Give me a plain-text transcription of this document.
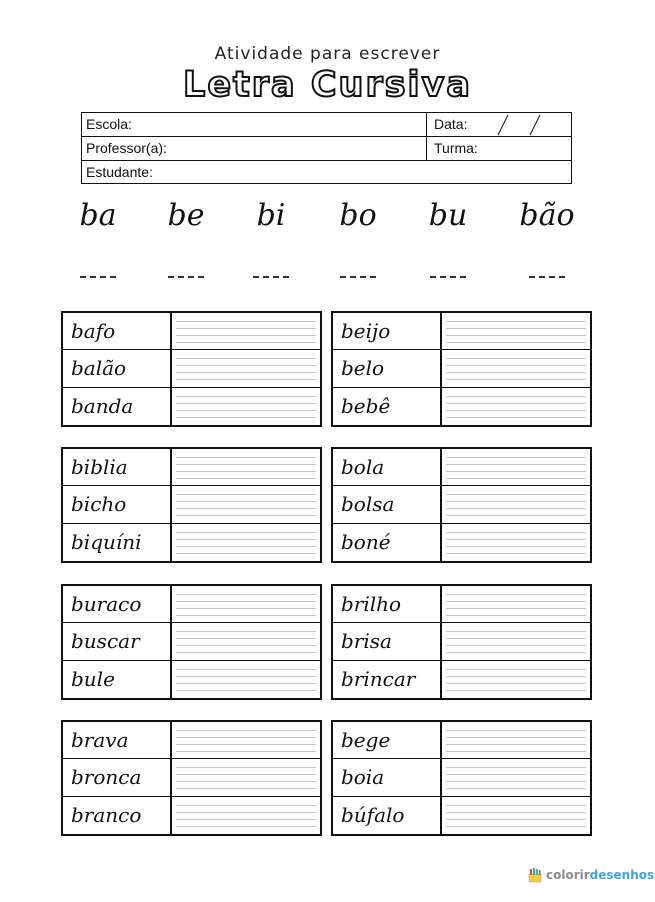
Atividade para escrever
Letra Cursiva
Escola:	Data:
Professor(a):	Turma:
Estudante:
ba	be	bi	bo	bu	bão
bafo
balão
banda
beijo
belo
bebê
biblia
bicho
biquíni
bola
bolsa
boné
buraco
buscar
bule
brilho
brisa
brincar
brava
bronca
branco
bege
boia
búfalo
colorirdesenhos
